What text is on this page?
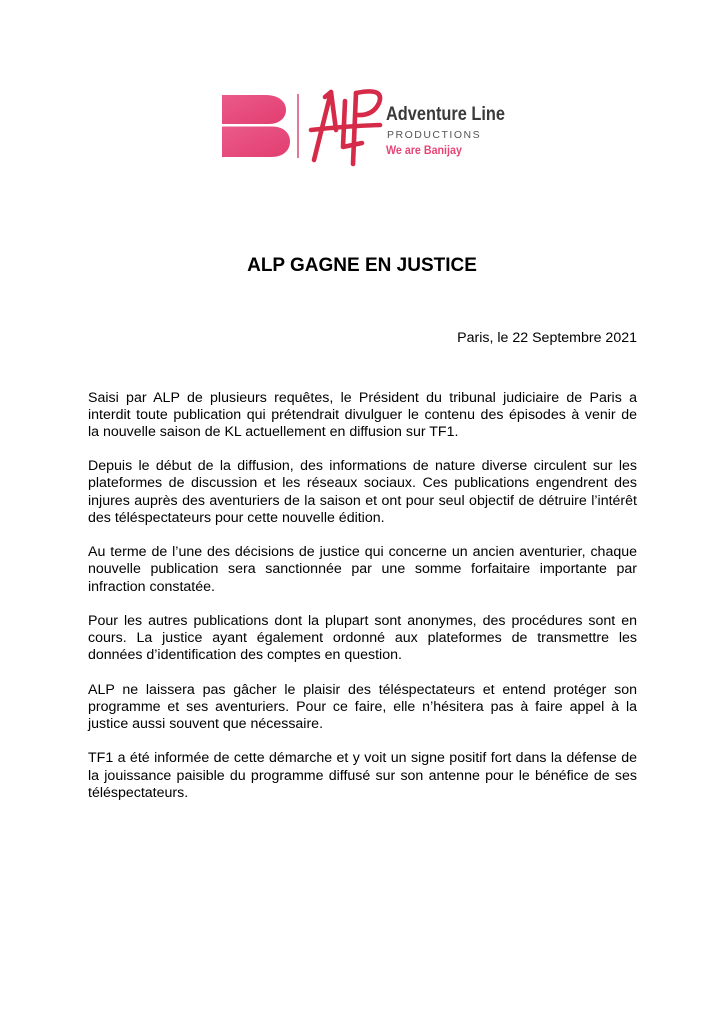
Adventure Line
PRODUCTIONS
We are Banijay
ALP GAGNE EN JUSTICE
Paris, le 22 Septembre 2021
Saisi par ALP de plusieurs requêtes, le Président du tribunal judiciaire de Paris a
interdit toute publication qui prétendrait divulguer le contenu des épisodes à venir de
la nouvelle saison de KL actuellement en diffusion sur TF1.
Depuis le début de la diffusion, des informations de nature diverse circulent sur les
plateformes de discussion et les réseaux sociaux. Ces publications engendrent des
injures auprès des aventuriers de la saison et ont pour seul objectif de détruire l’intérêt
des téléspectateurs pour cette nouvelle édition.
Au terme de l’une des décisions de justice qui concerne un ancien aventurier, chaque
nouvelle publication sera sanctionnée par une somme forfaitaire importante par
infraction constatée.
Pour les autres publications dont la plupart sont anonymes, des procédures sont en
cours. La justice ayant également ordonné aux plateformes de transmettre les
données d’identification des comptes en question.
ALP ne laissera pas gâcher le plaisir des téléspectateurs et entend protéger son
programme et ses aventuriers. Pour ce faire, elle n’hésitera pas à faire appel à la
justice aussi souvent que nécessaire.
TF1 a été informée de cette démarche et y voit un signe positif fort dans la défense de
la jouissance paisible du programme diffusé sur son antenne pour le bénéfice de ses
téléspectateurs.
